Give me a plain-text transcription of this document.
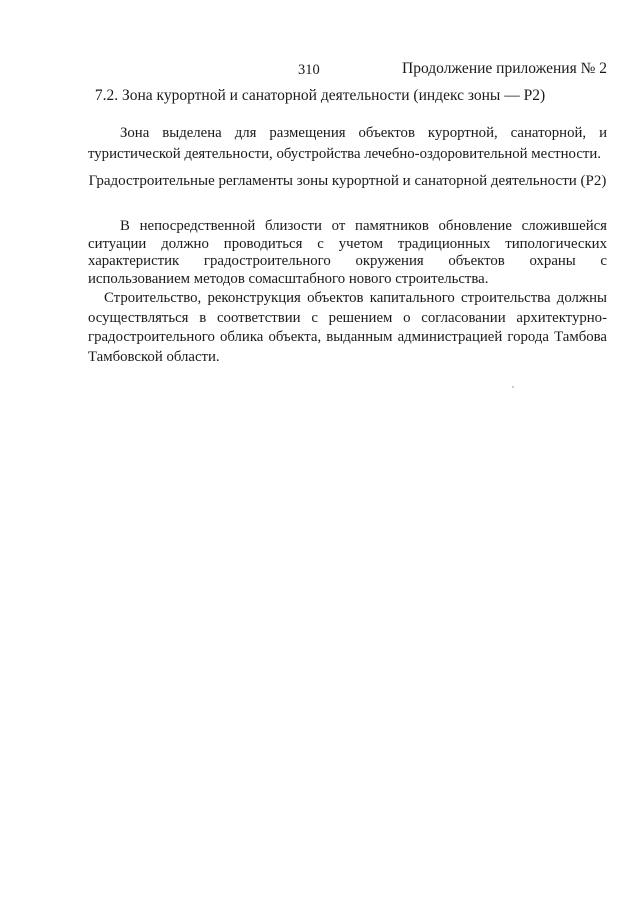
310	Продолжение приложения № 2

7.2. Зона курортной и санаторной деятельности (индекс зоны — Р2)

Зона выделена для размещения объектов курортной, санаторной, и туристической деятельности, обустройства лечебно-оздоровительной местности.

Градостроительные регламенты зоны курортной и санаторной деятельности (Р2)

В непосредственной близости от памятников обновление сложившейся ситуации должно проводиться с учетом традиционных типологических характеристик градостроительного окружения объектов охраны с использованием методов сомасштабного нового строительства.

Строительство, реконструкция объектов капитального строительства должны осуществляться в соответствии с решением о согласовании архитектурно-градостроительного облика объекта, выданным администрацией города Тамбова Тамбовской области.
